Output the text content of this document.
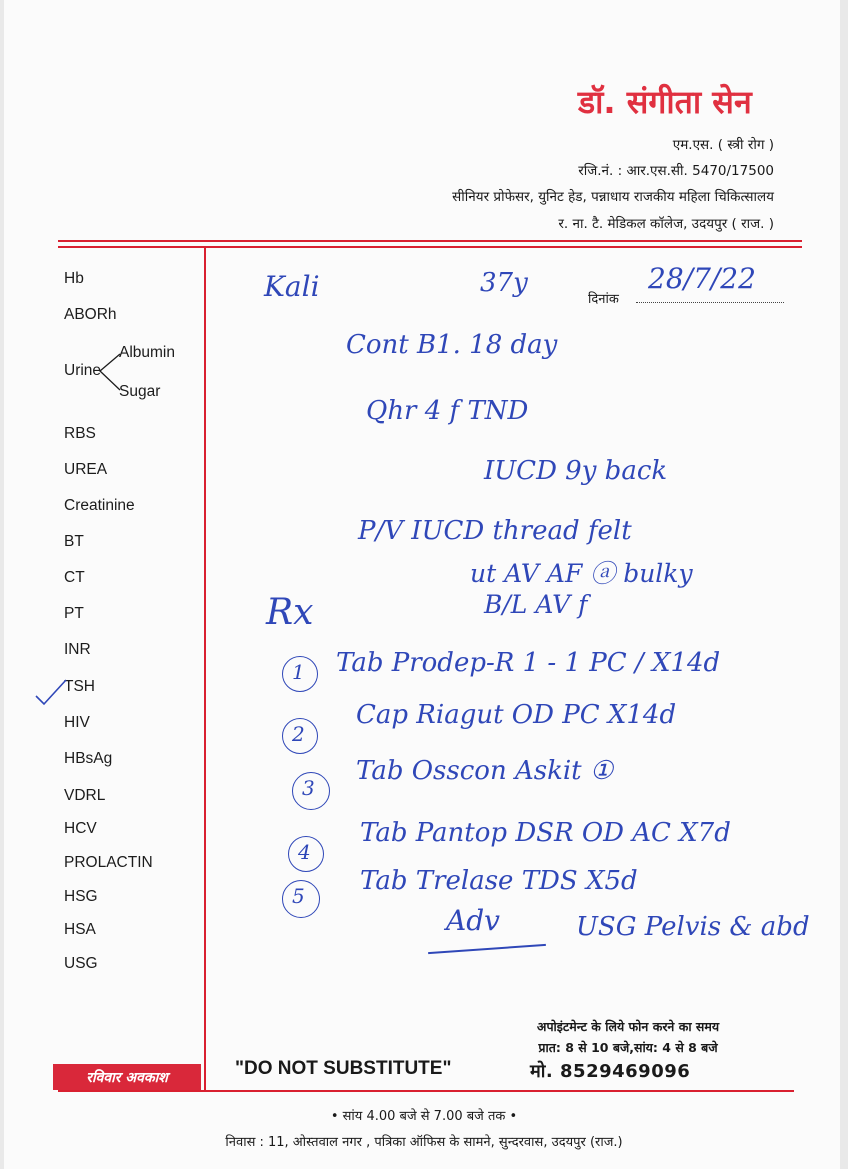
डॉ. संगीता सेन
एम.एस. ( स्त्री रोग )
रजि.नं. : आर.एस.सी. 5470/17500
सीनियर प्रोफेसर, युनिट हेड, पन्नाधाय राजकीय महिला चिकित्सालय
र. ना. टै. मेडिकल कॉलेज, उदयपुर ( राज. )
Hb
ABORh
Urine
Albumin
Sugar
RBS
UREA
Creatinine
BT
CT
PT
INR
TSH
HIV
HBsAg
VDRL
HCV
PROLACTIN
HSG
HSA
USG
दिनांक
Kali	37y	28/7/22
Cont B1. 18 day
Qhr 4 f TND
IUCD 9y back
P/V IUCD thread felt
ut AV AF ⓐ bulky
B/L AV f
Rx
1 Tab Prodep-R 1 - 1 PC / X14d
2
Cap Riagut OD PC X14d
3
Tab Osscon Askit ①
4
Tab Pantop DSR OD AC X7d
5 Tab Trelase TDS X5d
Adv	USG Pelvis & abd
अपोइंटमेन्ट के लिये फोन करने का समय
प्रात: 8 से 10 बजे,सांय: 4 से 8 बजे
रविवार अवकाश	"DO NOT SUBSTITUTE"	मो. 8529469096
• सांय 4.00 बजे से 7.00 बजे तक •
निवास : 11, ओस्तवाल नगर , पत्रिका ऑफिस के सामने, सुन्दरवास, उदयपुर (राज.)
